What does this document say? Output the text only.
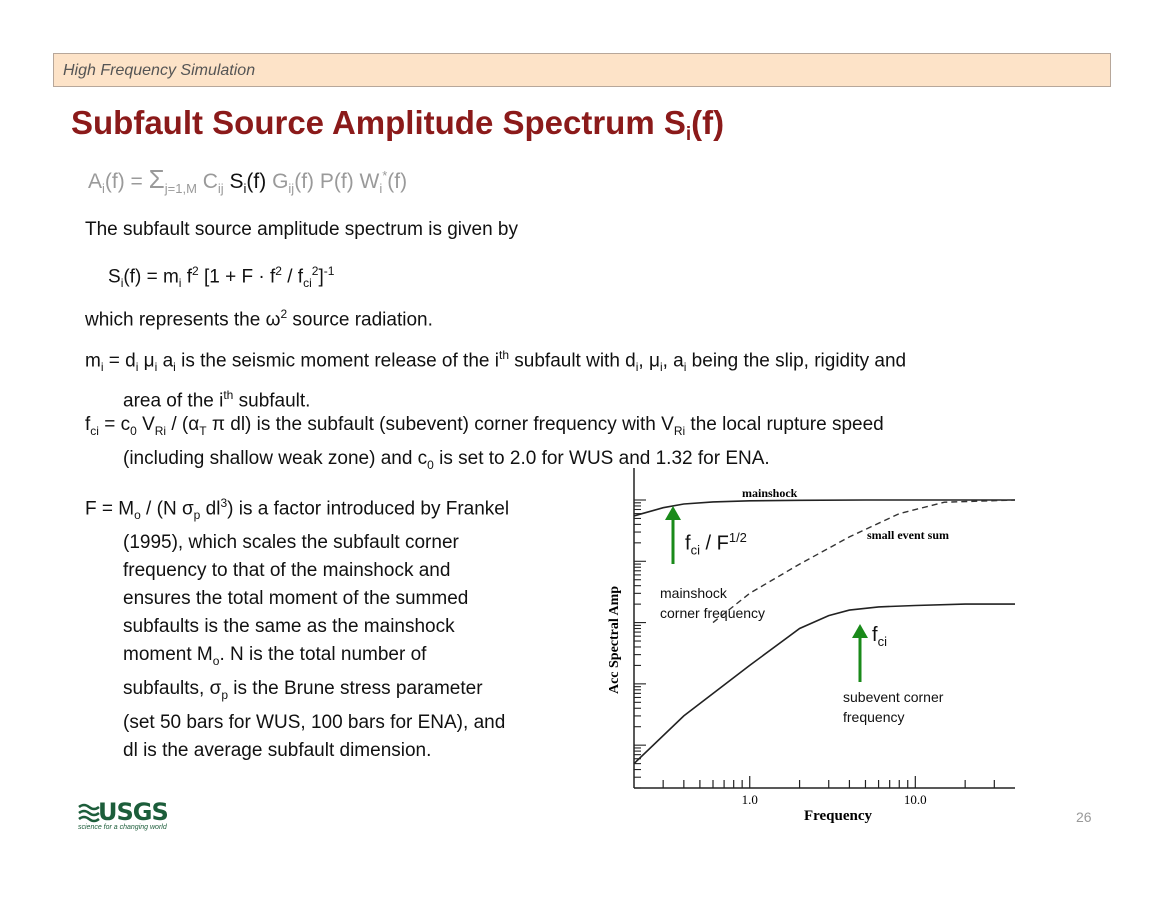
High Frequency Simulation
Subfault Source Amplitude Spectrum $S_i(f)$
$A_i(f) = \Sigma_{j=1,M}$ $C_{ij}$ $S_i(f)$ $G_{ij}(f)$ P(f) $W_i^*(f)$
The subfault source amplitude spectrum is given by
$S_i(f) = m_i$ $f^2$ $[1 + F \cdot f^2 / f_{ci}^2]^{-1}$
which represents the $\omega^2$ source radiation.
$m_i = d_i$ $\mu_i$ $a_i$ is the seismic moment release of the $i^{th}$ subfault with $d_i$, $\mu_i$, $a_i$ being the slip, rigidity and
area of the $i^{th}$ subfault.
$f_{ci} = c_0$ $V_{Ri} / (\alpha_T$ π dl) is the subfault (subevent) corner frequency with $V_{Ri}$ the local rupture speed
(including shallow weak zone) and $c_0$ is set to 2.0 for WUS and 1.32 for ENA.
$F = M_o / (N$ $\sigma_p$ $dl^3$) is a factor introduced by Frankel
(1995), which scales the subfault corner
frequency to that of the mainshock and
ensures the total moment of the summed
subfaults is the same as the mainshock
moment $M_o$. N is the total number of
subfaults, $\sigma_p$ is the Brune stress parameter
(set 50 bars for WUS, 100 bars for ENA), and
dl is the average subfault dimension.
1.0	10.0
Frequency
Acc Spectral Amp
mainshock
small event sum
$f_{ci} / F^{1/2}$
mainshock
corner frequency
$f_{ci}$
subevent corner
frequency
USGS
science for a changing world
26
